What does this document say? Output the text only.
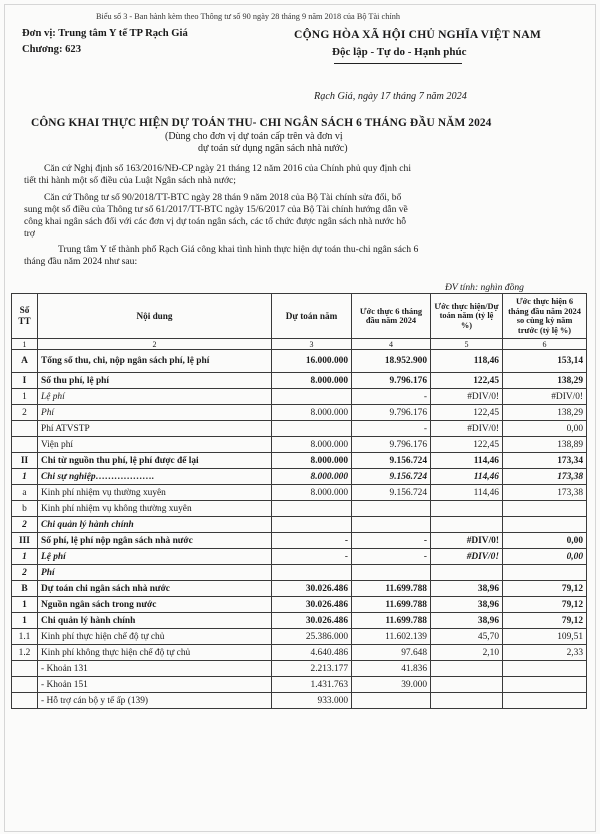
Biểu số 3 - Ban hành kèm theo Thông tư số 90 ngày 28 tháng 9 năm 2018 của Bộ Tài chính
Đơn vị: Trung tâm Y tế TP Rạch Giá
Chương: 623
CỘNG HÒA XÃ HỘI CHỦ NGHĨA VIỆT NAM
Độc lập - Tự do - Hạnh phúc
Rạch Giá, ngày 17 tháng 7 năm 2024
CÔNG KHAI THỰC HIỆN DỰ TOÁN THU- CHI NGÂN SÁCH 6 THÁNG ĐẦU NĂM 2024
(Dùng cho đơn vị dự toán cấp trên và đơn vị
dự toán sử dụng ngân sách nhà nước)
Căn cứ Nghị định số 163/2016/NĐ-CP ngày 21 tháng 12 năm 2016 của Chính phủ quy định chi
tiết thi hành một số điều của Luật Ngân sách nhà nước;
Căn cứ Thông tư số 90/2018/TT-BTC ngày 28 thán 9 năm 2018 của Bộ Tài chính sửa đổi, bổ
sung một số điều của Thông tư số 61/2017/TT-BTC ngày 15/6/2017 của Bộ Tài chính hướng dẫn về
công khai ngân sách đối với các đơn vị dự toán ngân sách, các tổ chức được ngân sách nhà nước hỗ
trợ
Trung tâm Y tế thành phố Rạch Giá công khai tình hình thực hiện dự toán thu-chi ngân sách 6
tháng đầu năm 2024 như sau:
ĐV tính: nghìn đồng
Số TT	Nội dung	Dự toán năm	Ước thực 6 tháng đầu năm 2024	Ước thực hiện/Dự toán năm (tỷ lệ %)	Ước thực hiện 6 tháng đầu năm 2024 so cùng kỳ năm trước (tỷ lệ %)
1	2	3	4	5	6
A	Tổng số thu, chi, nộp ngân sách phí, lệ phí	16.000.000	18.952.900	118,46	153,14
I	Số thu phí, lệ phí	8.000.000	9.796.176	122,45	138,29
1	Lệ phí		-	#DIV/0!	#DIV/0!
2	Phí	8.000.000	9.796.176	122,45	138,29
	Phí ATVSTP		-	#DIV/0!	0,00
	Viện phí	8.000.000	9.796.176	122,45	138,89
II	Chi từ nguồn thu phí, lệ phí được để lại	8.000.000	9.156.724	114,46	173,34
1	Chi sự nghiệp……………….	8.000.000	9.156.724	114,46	173,38
a	Kinh phí nhiệm vụ thường xuyên	8.000.000	9.156.724	114,46	173,38
b	Kinh phí nhiệm vụ không thường xuyên				
2	Chi quản lý hành chính				
III	Số phí, lệ phí nộp ngân sách nhà nước	-	-	#DIV/0!	0,00
1	Lệ phí	-	-	#DIV/0!	0,00
2	Phí				
B	Dự toán chi ngân sách nhà nước	30.026.486	11.699.788	38,96	79,12
1	Nguồn ngân sách trong nước	30.026.486	11.699.788	38,96	79,12
1	Chi quản lý hành chính	30.026.486	11.699.788	38,96	79,12
1.1	Kinh phí thực hiện chế độ tự chủ	25.386.000	11.602.139	45,70	109,51
1.2	Kinh phí không thực hiện chế độ tự chủ	4.640.486	97.648	2,10	2,33
	- Khoản 131	2.213.177	41.836		
	- Khoản 151	1.431.763	39.000		
	- Hỗ trợ cán bộ y tế ấp (139)	933.000			
